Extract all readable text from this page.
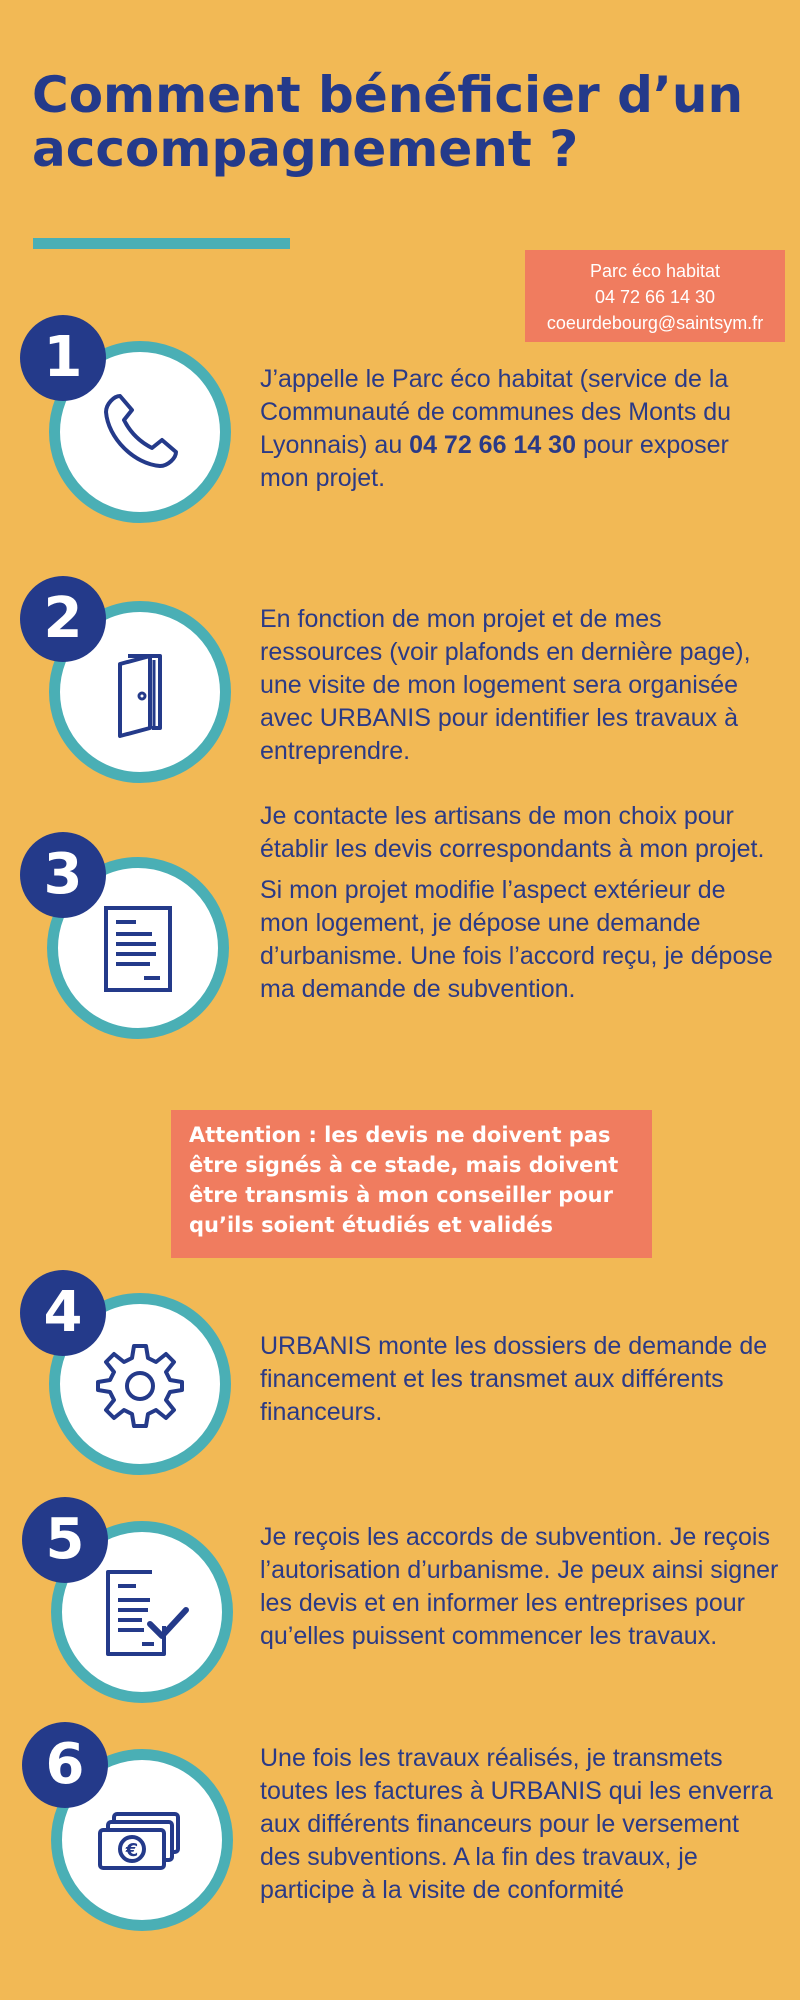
Comment bénéficier d’un accompagnement ?
Parc éco habitat
04 72 66 14 30
coeurdebourg@saintsym.fr
1	J’appelle le Parc éco habitat (service de la Communauté de communes des Monts du Lyonnais) au 04 72 66 14 30 pour exposer mon projet.

2	En fonction de mon projet et de mes ressources (voir plafonds en dernière page), une visite de mon logement sera organisée avec URBANIS pour identifier les travaux à entreprendre.
3

Je contacte les artisans de mon choix pour établir les devis correspondants à mon projet.

Si mon projet modifie l’aspect extérieur de mon logement, je dépose une demande d’urbanisme. Une fois l’accord reçu, je dépose ma demande de subvention.

Attention : les devis ne doivent pas être signés à ce stade, mais doivent être transmis à mon conseiller pour qu’ils soient étudiés et validés
4
URBANIS monte les dossiers de demande de financement et les transmet aux différents financeurs.
5	Je reçois les accords de subvention. Je reçois l’autorisation d’urbanisme. Je peux ainsi signer les devis et en informer les entreprises pour qu’elles puissent commencer les travaux.
€
6	Une fois les travaux réalisés, je transmets toutes les factures à URBANIS qui les enverra aux différents financeurs pour le versement des subventions. A la fin des travaux, je participe à la visite de conformité
